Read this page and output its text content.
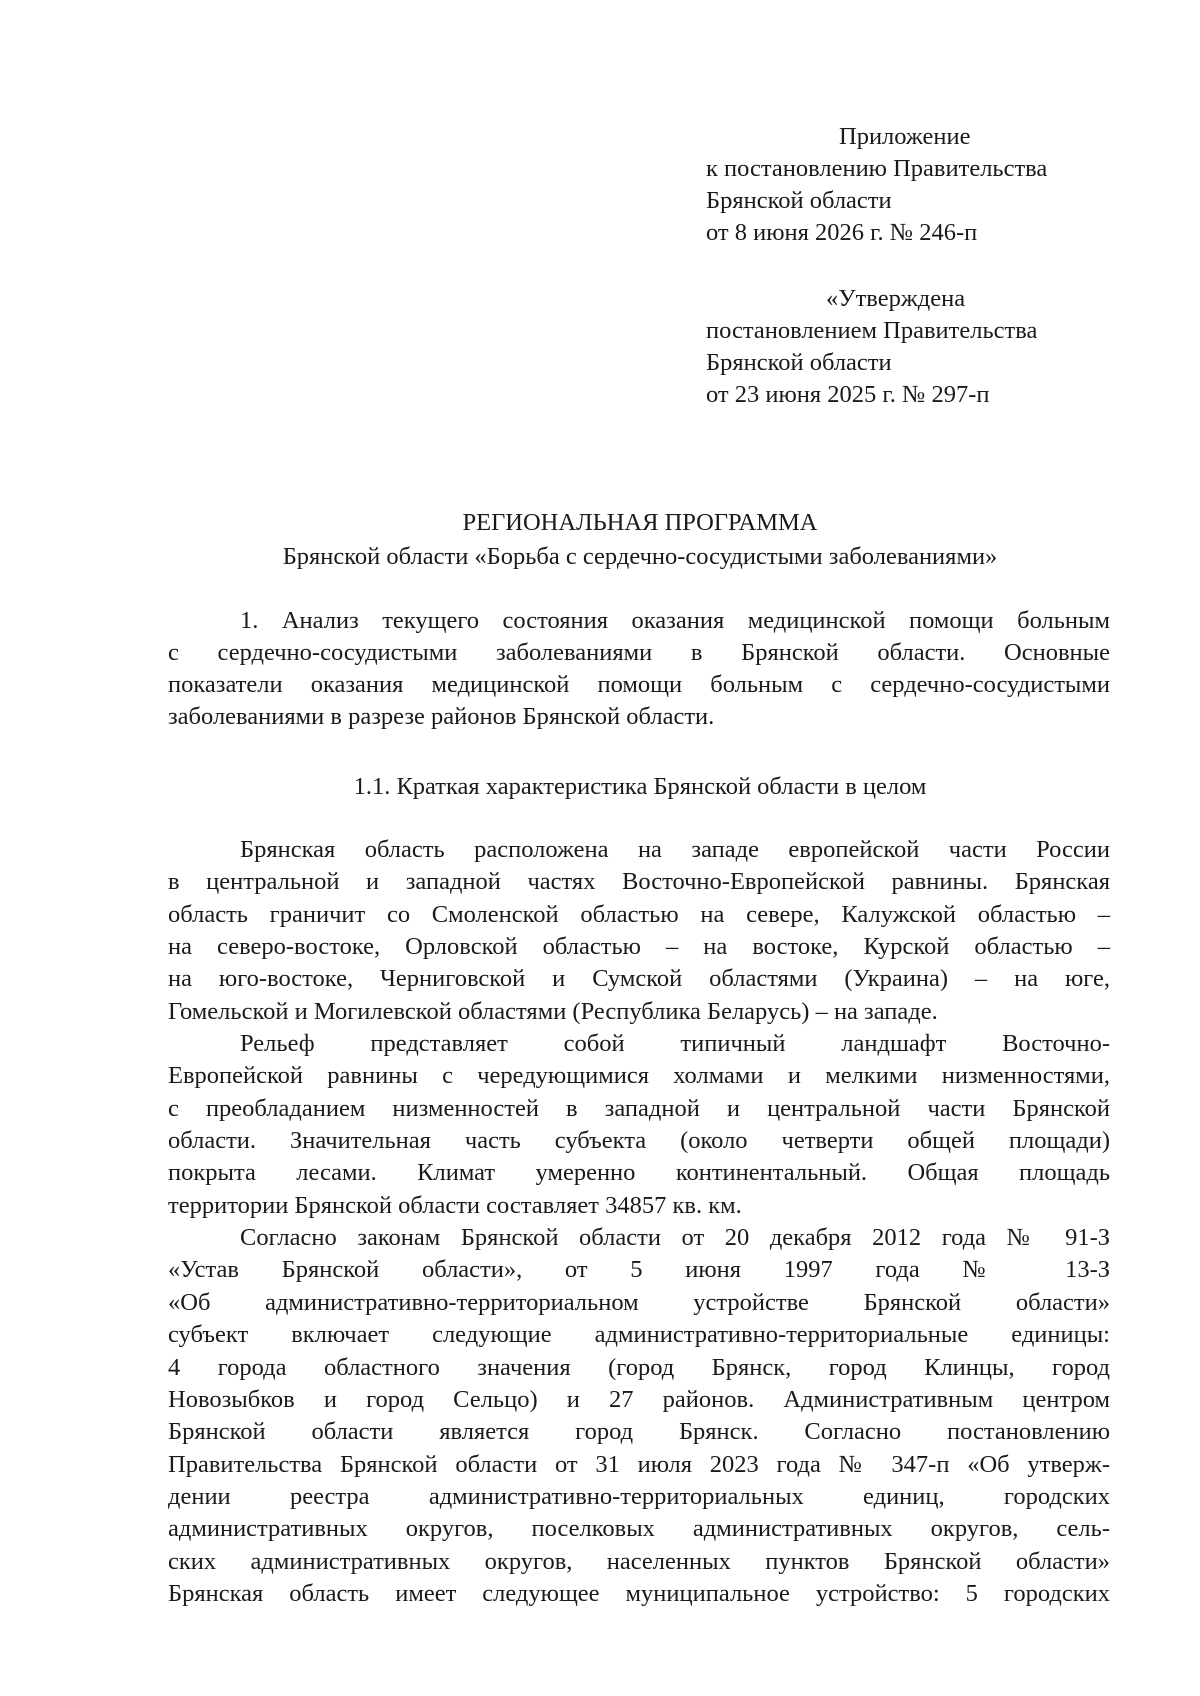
Приложение
к постановлению Правительства
Брянской области
от 8 июня 2026 г. № 246-п
«Утверждена
постановлением Правительства
Брянской области
от 23 июня 2025 г. № 297-п
РЕГИОНАЛЬНАЯ ПРОГРАММА
Брянской области «Борьба с сердечно-сосудистыми заболеваниями»
1. Анализ текущего состояния оказания медицинской помощи больным
с сердечно-сосудистыми заболеваниями в Брянской области. Основные
показатели оказания медицинской помощи больным с сердечно-сосудистыми
заболеваниями в разрезе районов Брянской области.
1.1. Краткая характеристика Брянской области в целом
Брянская область расположена на западе европейской части России
в центральной и западной частях Восточно-Европейской равнины. Брянская
область граничит со Смоленской областью на севере, Калужской областью –
на северо-востоке, Орловской областью – на востоке, Курской областью –
на юго-востоке, Черниговской и Сумской областями (Украина) – на юге,
Гомельской и Могилевской областями (Республика Беларусь) – на западе.
Рельеф представляет собой типичный ландшафт Восточно-
Европейской равнины с чередующимися холмами и мелкими низменностями,
с преобладанием низменностей в западной и центральной части Брянской
области. Значительная часть субъекта (около четверти общей площади)
покрыта лесами. Климат умеренно континентальный. Общая площадь
территории Брянской области составляет 34857 кв. км.
Согласно законам Брянской области от 20 декабря 2012 года № 91-З
«Устав Брянской области», от 5 июня 1997 года № 13-З
«Об административно-территориальном устройстве Брянской области»
субъект включает следующие административно-территориальные единицы:
4 города областного значения (город Брянск, город Клинцы, город
Новозыбков и город Сельцо) и 27 районов. Административным центром
Брянской области является город Брянск. Согласно постановлению
Правительства Брянской области от 31 июля 2023 года № 347-п «Об утверж-
дении реестра административно-территориальных единиц, городских
административных округов, поселковых административных округов, сель-
ских административных округов, населенных пунктов Брянской области»
Брянская область имеет следующее муниципальное устройство: 5 городских
